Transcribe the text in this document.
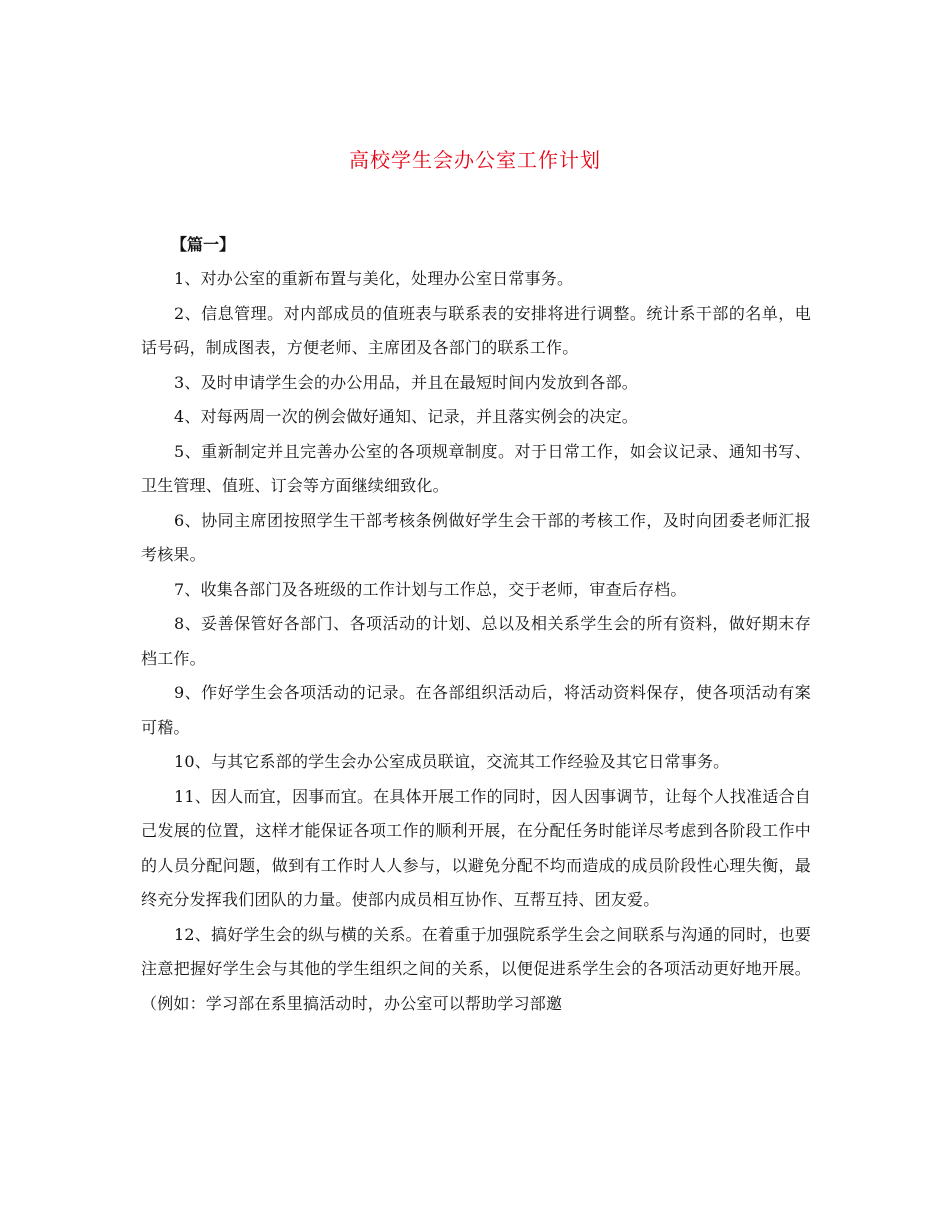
高校学生会办公室工作计划

【篇一】

1、对办公室的重新布置与美化，处理办公室日常事务。

2、信息管理。对内部成员的值班表与联系表的安排将进行调整。统计系干部的名单，电话号码，制成图表，方便老师、主席团及各部门的联系工作。

3、及时申请学生会的办公用品，并且在最短时间内发放到各部。

4、对每两周一次的例会做好通知、记录，并且落实例会的决定。

5、重新制定并且完善办公室的各项规章制度。对于日常工作，如会议记录、通知书写、卫生管理、值班、订会等方面继续细致化。

6、协同主席团按照学生干部考核条例做好学生会干部的考核工作，及时向团委老师汇报考核果。

7、收集各部门及各班级的工作计划与工作总，交于老师，审查后存档。

8、妥善保管好各部门、各项活动的计划、总以及相关系学生会的所有资料，做好期末存档工作。

9、作好学生会各项活动的记录。在各部组织活动后，将活动资料保存，使各项活动有案可稽。

10、与其它系部的学生会办公室成员联谊，交流其工作经验及其它日常事务。

11、因人而宜，因事而宜。在具体开展工作的同时，因人因事调节，让每个人找准适合自己发展的位置，这样才能保证各项工作的顺利开展，在分配任务时能详尽考虑到各阶段工作中的人员分配问题，做到有工作时人人参与，以避免分配不均而造成的成员阶段性心理失衡，最终充分发挥我们团队的力量。使部内成员相互协作、互帮互持、团友爱。

12、搞好学生会的纵与横的关系。在着重于加强院系学生会之间联系与沟通的同时，也要注意把握好学生会与其他的学生组织之间的关系，以便促进系学生会的各项活动更好地开展。（例如：学习部在系里搞活动时，办公室可以帮助学习部邀
